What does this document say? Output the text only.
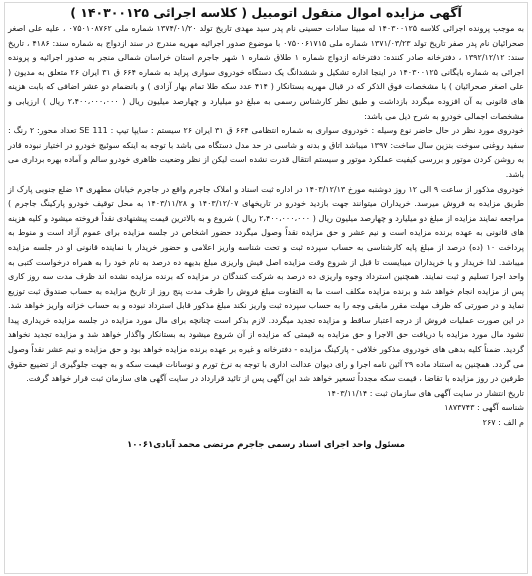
آگهی مزایده اموال منقول اتومبیل ( کلاسه اجرائی ۱۴۰۳۰۰۱۲۵ )

به موجب پرونده اجرائی کلاسه ۱۴۰۳۰۰۱۲۵ له مبینا سادات حسینی نام پدر سید مهدی تاریخ تولد ۱۳۷۴/۰۱/۲۰ شماره ملی ۰۷۵۰۱۰۸۷۶۲ ، علیه علی اصغر صحرائیان نام پدر صفر تاریخ تولد ۱۳۷۱/۰۳/۲۳ شماره ملی ۰۷۵۰۰۶۱۷۱۵ با موضوع صدور اجرائیه مهریه مندرج در سند ازدواج به شماره سند: ۴۱۸۶ ، تاریخ سند: ۱۳۹۲/۱۲/۱۲ ، دفترخانه صادر کننده: دفترخانه ازدواج شماره ۱ طلاق شماره ۱ شهر جاجرم استان خراسان شمالی منجر به صدور اجرائیه و پرونده اجرائی به شماره بایگانی ۱۴۰۳۰۰۱۲۵ در اینجا اداره تشکیل و ششدانگ یک دستگاه خودروی سواری پراید به شماره ۶۶۴ ق ۳۱ ایران ۲۶ متعلق به مدیون ( علی اصغر صحرائیان ) با مشخصات فوق الذکر که در قبال مهریه بستانکار ( ۴۱۴ عدد سکه طلا تمام بهار آزادی ) و بانضمام دو عشر اضافی که بابت هزینه های قانونی به آن افزوده میگردد بازداشت و طبق نظر کارشناس رسمی به مبلغ دو میلیارد و چهارصد میلیون ریال ( ۲،۴۰۰،۰۰۰،۰۰۰ ریال ) ارزیابی و مشخصات اجمالی خودرو به شرح ذیل می باشد:

خودروی مورد نظر در حال حاضر نوع وسیله : خودروی سواری به شماره انتظامی ۶۶۴ ق ۳۱ ایران ۲۶ سیستم : سایپا تیپ : SE 111 تعداد محور: ۲ رنگ : سفید روغنی سوخت بنزین سال ساخت: ۱۳۹۷ میباشد اتاق و بدنه و شاسی در حد مدل دستگاه می باشد با توجه به اینکه سوئیچ خودرو در اختیار نبوده قادر به روشن کردن موتور و بررسی کیفیت عملکرد موتور و سیستم انتقال قدرت نشده است لیکن از نظر وضعیت ظاهری خودرو سالم و آماده بهره برداری می باشد.

خودروی مذکور از ساعت ۹ الی ۱۲ روز دوشنبه مورخ ۱۴۰۳/۱۲/۱۳ در اداره ثبت اسناد و املاک جاجرم واقع در جاجرم خیابان مطهری ۱۴ ضلع جنوبی پارک از طریق مزایده به فروش میرسد. خریداران میتوانند جهت بازدید خودرو در تاریخهای ۱۴۰۳/۱۲/۰۷ و ۱۴۰۳/۱۱/۲۸ به محل توقیف خودرو پارکینگ جاجرم ) مراجعه نمایند مزایده از مبلغ دو میلیارد و چهارصد میلیون ریال ( ۲،۴۰۰،۰۰۰،۰۰۰ ریال ) شروع و به بالاترین قیمت پیشنهادی نقداً فروخته میشود و کلیه هزینه های قانونی به عهده برنده مزایده است و نیم عشر و حق مزایده نقداً وصول میگردد حضور اشخاص در جلسه مزایده برای عموم آزاد است و منوط به پرداخت ۱۰ (ده) درصد از مبلغ پایه کارشناسی به حساب سپرده ثبت و تحت شناسه واریز اعلامی و حضور خریدار با نماینده قانونی او در جلسه مزایده میباشد. لذا خریدار و یا خریداران میبایست تا قبل از شروع وقت مزایده اصل فیش واریزی مبلغ بدیهه ده درصد به نام خود را به همراه درخواست کتبی به واحد اجرا تسلیم و ثبت نمایند. همچنین استرداد وجوه واریزی ده درصد به شرکت کنندگان در مزایده که برنده مزایده نشده اند ظرف مدت سه روز کاری پس از مزایده انجام خواهد شد و برنده مزایده مکلف است ما به التفاوت مبلغ فروش را ظرف مدت پنج روز از تاریخ مزایده به حساب صندوق ثبت توزیع نماید و در صورتی که ظرف مهلت مقرر مابقی وجه را به حساب سپرده ثبت واریز نکند مبلغ مذکور قابل استرداد نبوده و به حساب خزانه واریز خواهد شد. در این صورت عملیات فروش از درجه اعتبار ساقط و مزایده تجدید میگردد. لازم بذکر است چنانچه برای مال مورد مزایده در جلسه مزایده خریداری پیدا نشود مال مورد مزایده با دریافت حق الاجرا و حق مزایده به قیمتی که مزایده از آن شروع میشود به بستانکار واگذار خواهد شد و مزایده تجدید نخواهد گردید. ضمناً کلیه بدهی های خودروی مذکور خلافی - پارکینگ مزایده - دفترخانه و غیره بر عهده برنده مزایده خواهد بود و حق مزایده و نیم عشر نقداً وصول می گردد. همچنین به استناد ماده ۲۹ آئین نامه اجرا و رای دیوان عدالت اداری با توجه به نرخ تورم و نوسانات قیمت سکه و به جهت جلوگیری از تضییع حقوق طرفین در روز مزایده با تقاضا ، قیمت سکه مجدداً تسعیر خواهد شد این آگهی پس از تائید قرارداد در سایت آگهی های سازمان ثبت قرار خواهد گرفت.

تاریخ انتشار در سایت آگهی های سازمان ثبت : ۱۴۰۳/۱۱/۱۴

شناسه آگهی : ۱۸۷۳۷۴۳

م الف : ۲۶۷

مسئول واحد اجرای اسناد رسمی جاجرم مرتضی محمد آبادی۱۰۰۶۱
